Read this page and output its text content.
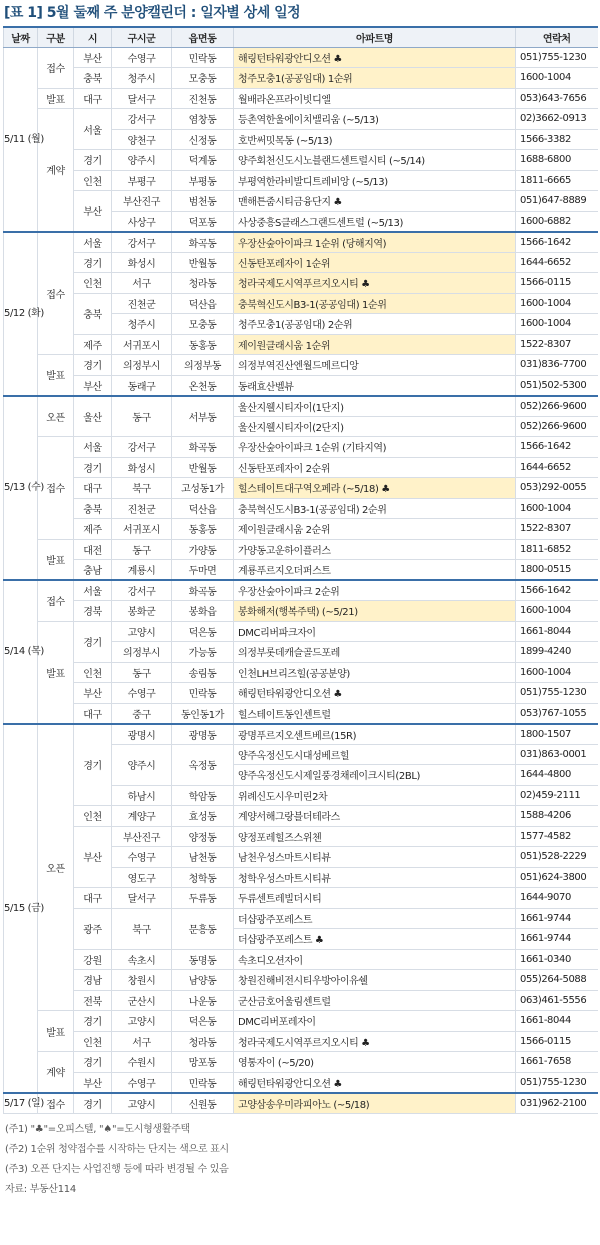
[표 1] 5월 둘째 주 분양캘린더 : 일자별 상세 일정
날짜	구분	시	구시군	읍면동	아파트명	연락처
5/11 (월)	접수	부산	수영구	민락동	해링턴타워광안디오션 ♣	051)755-1230
		충북	청주시	모충동	청주모충1(공공임대) 1순위	1600-1004
	발표	대구	달서구	진천동	월배라온프라이빗디엘	053)643-7656
	계약	서울	강서구	염창동	등촌역한울에이치밸리움 (~5/13)	02)3662-0913
			양천구	신정동	호반써밋목동 (~5/13)	1566-3382
		경기	양주시	덕계동	양주회천신도시노블랜드센트럴시티 (~5/14)	1688-6800
		인천	부평구	부평동	부평역한라비발디트레비앙 (~5/13)	1811-6665
		부산	부산진구	범천동	맨해튼줌시티금융단지 ♣	051)647-8889
			사상구	덕포동	사상중흥S클래스그랜드센트럴 (~5/13)	1600-6882
5/12 (화)	접수	서울	강서구	화곡동	우장산숲아이파크 1순위 (당해지역)	1566-1642
		경기	화성시	반월동	신동탄포레자이 1순위	1644-6652
		인천	서구	청라동	청라국제도시역푸르지오시티 ♣	1566-0115
		충북	진천군	덕산읍	충북혁신도시B3-1(공공임대) 1순위	1600-1004
			청주시	모충동	청주모충1(공공임대) 2순위	1600-1004
		제주	서귀포시	동홍동	제이원클래시움 1순위	1522-8307
	발표	경기	의정부시	의정부동	의정부역진산엔월드메르디앙	031)836-7700
		부산	동래구	온천동	동래효산벨뷰	051)502-5300
5/13 (수)	오픈	울산	동구	서부동	울산지웰시티자이(1단지)	052)266-9600
					울산지웰시티자이(2단지)	052)266-9600
	접수	서울	강서구	화곡동	우장산숲아이파크 1순위 (기타지역)	1566-1642
		경기	화성시	반월동	신동탄포레자이 2순위	1644-6652
		대구	북구	고성동1가	힐스테이트대구역오페라 (~5/18) ♣	053)292-0055
		충북	진천군	덕산읍	충북혁신도시B3-1(공공임대) 2순위	1600-1004
		제주	서귀포시	동홍동	제이원클래시움 2순위	1522-8307
	발표	대전	동구	가양동	가양동고운하이플러스	1811-6852
		충남	계룡시	두마면	계룡푸르지오더퍼스트	1800-0515
5/14 (목)	접수	서울	강서구	화곡동	우장산숲아이파크 2순위	1566-1642
		경북	봉화군	봉화읍	봉화해저(행복주택) (~5/21)	1600-1004
	발표	경기	고양시	덕은동	DMC리버파크자이	1661-8044
			의정부시	가능동	의정부롯데캐슬골드포레	1899-4240
		인천	동구	송림동	인천LH브리즈힐(공공분양)	1600-1004
		부산	수영구	민락동	해링턴타워광안디오션 ♣	051)755-1230
		대구	중구	동인동1가	힐스테이트동인센트럴	053)767-1055
5/15 (금)	오픈	경기	광명시	광명동	광명푸르지오센트베르(15R)	1800-1507
			양주시	옥정동	양주옥정신도시대성베르힐	031)863-0001
					양주옥정신도시제일풍경채레이크시티(2BL)	1644-4800
			하남시	학암동	위례신도시우미린2차	02)459-2111
		인천	계양구	효성동	계양서해그랑블더테라스	1588-4206
		부산	부산진구	양정동	양정포레힐즈스위첸	1577-4582
			수영구	남천동	남천우성스마트시티뷰	051)528-2229
			영도구	청학동	청학우성스마트시티뷰	051)624-3800
		대구	달서구	두류동	두류센트레빌더시티	1644-9070
		광주	북구	문흥동	더샵광주포레스트	1661-9744
					더샵광주포레스트 ♣	1661-9744
		강원	속초시	동명동	속초디오션자이	1661-0340
		경남	창원시	남양동	창원진해비전시티우방아이유쉘	055)264-5088
		전북	군산시	나운동	군산금호어울림센트럴	063)461-5556
	발표	경기	고양시	덕은동	DMC리버포레자이	1661-8044
		인천	서구	청라동	청라국제도시역푸르지오시티 ♣	1566-0115
	계약	경기	수원시	망포동	영통자이 (~5/20)	1661-7658
		부산	수영구	민락동	해링턴타워광안디오션 ♣	051)755-1230
5/17 (일)	접수	경기	고양시	신원동	고양삼송우미라피아노 (~5/18)	031)962-2100
(주1) "♣"=오피스텔, "♠"=도시형생활주택
(주2) 1순위 청약접수를 시작하는 단지는 색으로 표시
(주3) 오픈 단지는 사업진행 등에 따라 변경될 수 있음
자료: 부동산114
